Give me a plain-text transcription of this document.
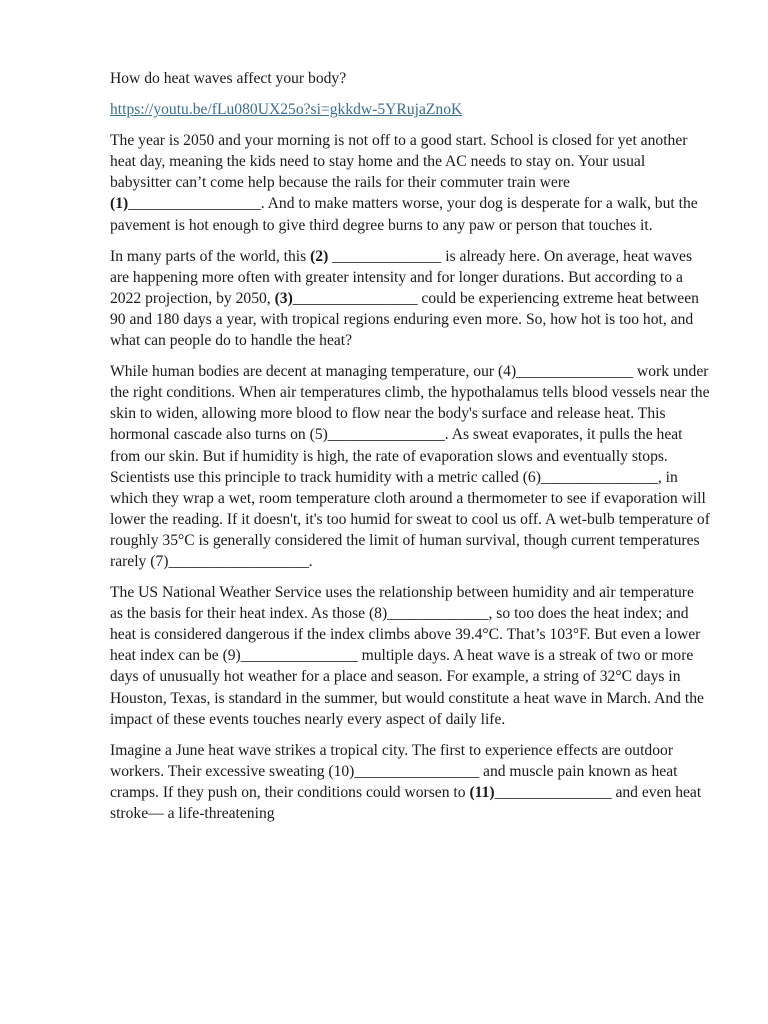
How do heat waves affect your body?

https://youtu.be/fLu080UX25o?si=gkkdw-5YRujaZnoK

The year is 2050 and your morning is not off to a good start. School is closed for yet another heat day, meaning the kids need to stay home and the AC needs to stay on. Your usual babysitter can’t come help because the rails for their commuter train were (1)_________________. And to make matters worse, your dog is desperate for a walk, but the pavement is hot enough to give third degree burns to any paw or person that touches it.

In many parts of the world, this (2) ______________ is already here. On average, heat waves are happening more often with greater intensity and for longer durations. But according to a 2022 projection, by 2050, (3)________________ could be experiencing extreme heat between 90 and 180 days a year, with tropical regions enduring even more. So, how hot is too hot, and what can people do to handle the heat?

While human bodies are decent at managing temperature, our (4)_______________ work under the right conditions. When air temperatures climb, the hypothalamus tells blood vessels near the skin to widen, allowing more blood to flow near the body's surface and release heat. This hormonal cascade also turns on (5)_______________. As sweat evaporates, it pulls the heat from our skin. But if humidity is high, the rate of evaporation slows and eventually stops. Scientists use this principle to track humidity with a metric called (6)_______________, in which they wrap a wet, room temperature cloth around a thermometer to see if evaporation will lower the reading. If it doesn't, it's too humid for sweat to cool us off. A wet-bulb temperature of roughly 35°C is generally considered the limit of human survival, though current temperatures rarely (7)__________________.

The US National Weather Service uses the relationship between humidity and air temperature as the basis for their heat index. As those (8)_____________, so too does the heat index; and heat is considered dangerous if the index climbs above 39.4°C. That’s 103°F. But even a lower heat index can be (9)_______________ multiple days. A heat wave is a streak of two or more days of unusually hot weather for a place and season. For example, a string of 32°C days in Houston, Texas, is standard in the summer, but would constitute a heat wave in March. And the impact of these events touches nearly every aspect of daily life.

Imagine a June heat wave strikes a tropical city. The first to experience effects are outdoor workers. Their excessive sweating (10)________________ and muscle pain known as heat cramps. If they push on, their conditions could worsen to (11)_______________ and even heat stroke— a life-threatening
